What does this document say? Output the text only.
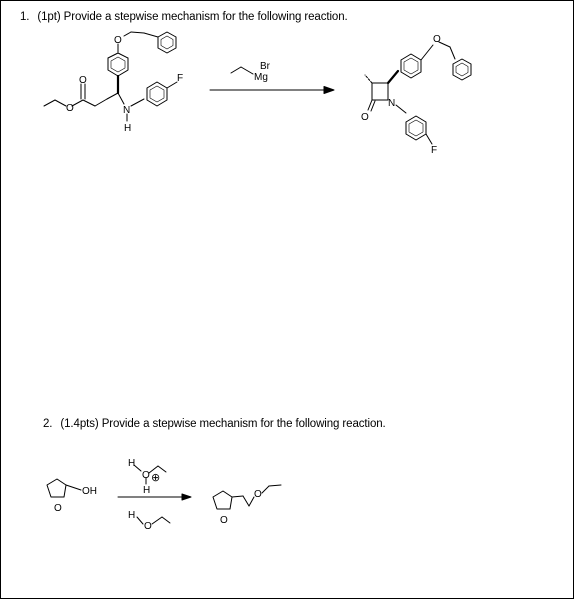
1. (1pt) Provide a stepwise mechanism for the following reaction.
2. (1.4pts) Provide a stepwise mechanism for the following reaction.
O
O
O	N
H
F	Mg
Br
O
O
N
F
O
OH
H
O ⊕
H
H
O
O
O
